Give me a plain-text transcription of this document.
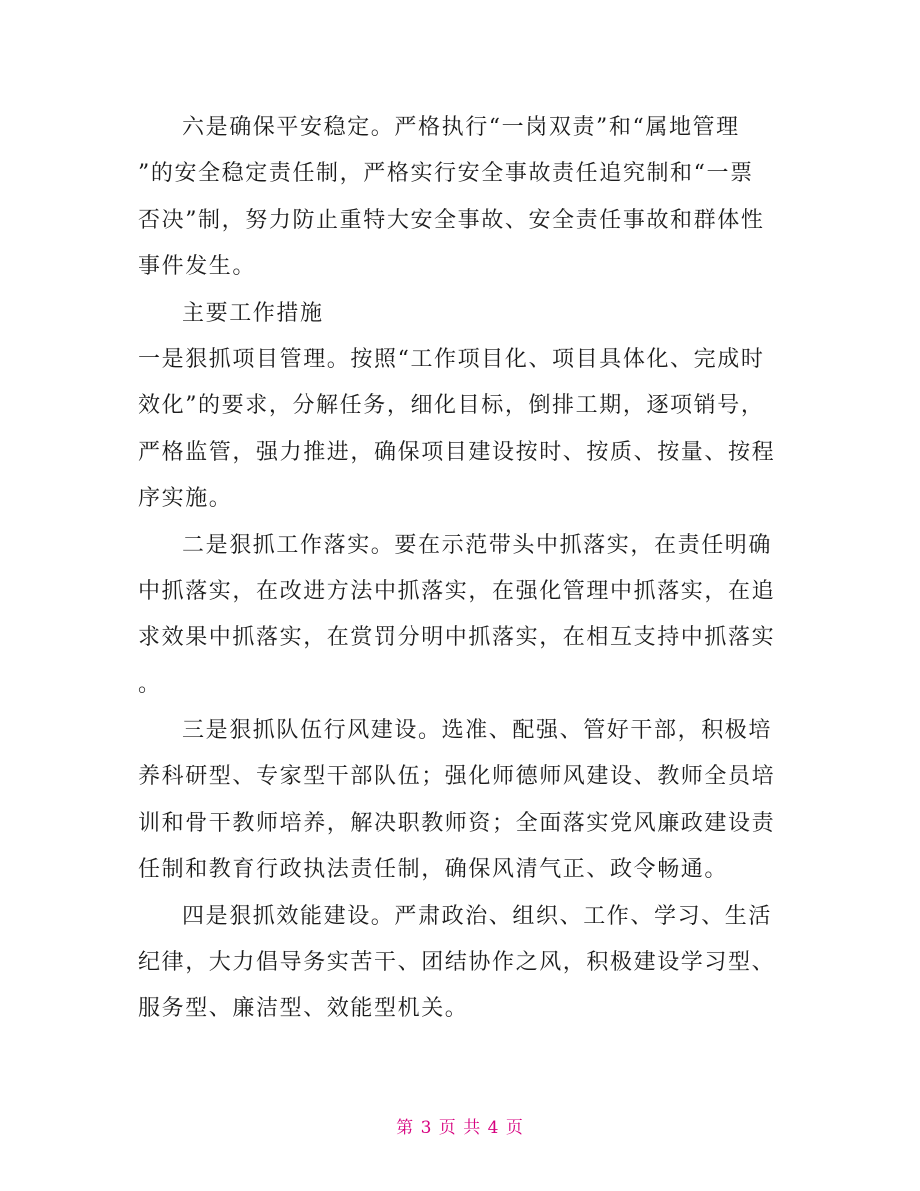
六是确保平安稳定。严格执行“一岗双责”和“属地管理
”的安全稳定责任制，严格实行安全事故责任追究制和“一票
否决”制，努力防止重特大安全事故、安全责任事故和群体性
事件发生。
主要工作措施
一是狠抓项目管理。按照“工作项目化、项目具体化、完成时
效化”的要求，分解任务，细化目标，倒排工期，逐项销号，
严格监管，强力推进，确保项目建设按时、按质、按量、按程
序实施。
二是狠抓工作落实。要在示范带头中抓落实，在责任明确
中抓落实，在改进方法中抓落实，在强化管理中抓落实，在追
求效果中抓落实，在赏罚分明中抓落实，在相互支持中抓落实
。
三是狠抓队伍行风建设。选准、配强、管好干部，积极培
养科研型、专家型干部队伍；强化师德师风建设、教师全员培
训和骨干教师培养，解决职教师资；全面落实党风廉政建设责
任制和教育行政执法责任制，确保风清气正、政令畅通。
四是狠抓效能建设。严肃政治、组织、工作、学习、生活
纪律，大力倡导务实苦干、团结协作之风，积极建设学习型、
服务型、廉洁型、效能型机关。
第 3 页 共 4 页
